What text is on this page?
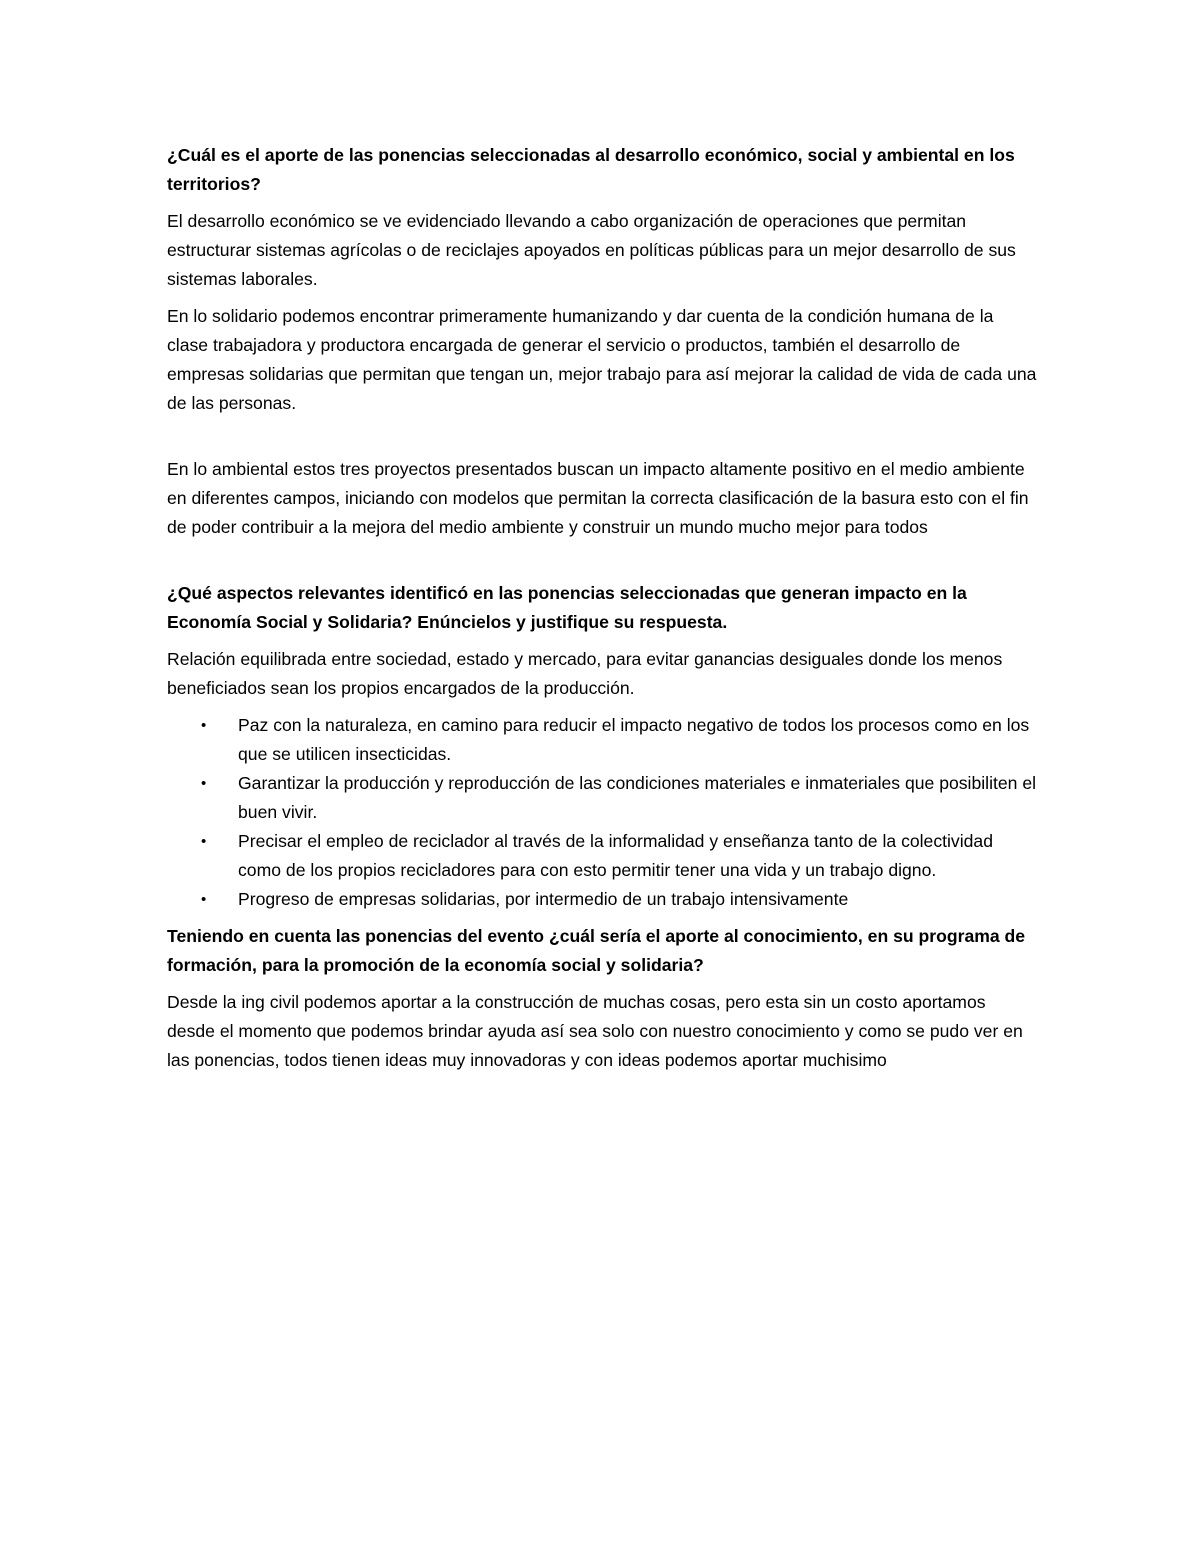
¿Cuál es el aporte de las ponencias seleccionadas al desarrollo económico, social y ambiental en los territorios?

El desarrollo económico se ve evidenciado llevando a cabo organización de operaciones que permitan estructurar sistemas agrícolas o de reciclajes apoyados en políticas públicas para un mejor desarrollo de sus sistemas laborales.

En lo solidario podemos encontrar primeramente humanizando y dar cuenta de la condición humana de la clase trabajadora y productora encargada de generar el servicio o productos, también el desarrollo de empresas solidarias que permitan que tengan un, mejor trabajo para así mejorar la calidad de vida de cada una de las personas.

En lo ambiental estos tres proyectos presentados buscan un impacto altamente positivo en el medio ambiente en diferentes campos, iniciando con modelos que permitan la correcta clasificación de la basura esto con el fin de poder contribuir a la mejora del medio ambiente y construir un mundo mucho mejor para todos

¿Qué aspectos relevantes identificó en las ponencias seleccionadas que generan impacto en la Economía Social y Solidaria? Enúncielos y justifique su respuesta.

Relación equilibrada entre sociedad, estado y mercado, para evitar ganancias desiguales donde los menos beneficiados sean los propios encargados de la producción.

• Paz con la naturaleza, en camino para reducir el impacto negativo de todos los procesos como en los que se utilicen insecticidas.
• Garantizar la producción y reproducción de las condiciones materiales e inmateriales que posibiliten el buen vivir.
• Precisar el empleo de reciclador al través de la informalidad y enseñanza tanto de la colectividad como de los propios recicladores para con esto permitir tener una vida y un trabajo digno.
• Progreso de empresas solidarias, por intermedio de un trabajo intensivamente

Teniendo en cuenta las ponencias del evento ¿cuál sería el aporte al conocimiento, en su programa de formación, para la promoción de la economía social y solidaria?

Desde la ing civil podemos aportar a la construcción de muchas cosas, pero esta sin un costo aportamos desde el momento que podemos brindar ayuda así sea solo con nuestro conocimiento y como se pudo ver en las ponencias, todos tienen ideas muy innovadoras y con ideas podemos aportar muchisimo
